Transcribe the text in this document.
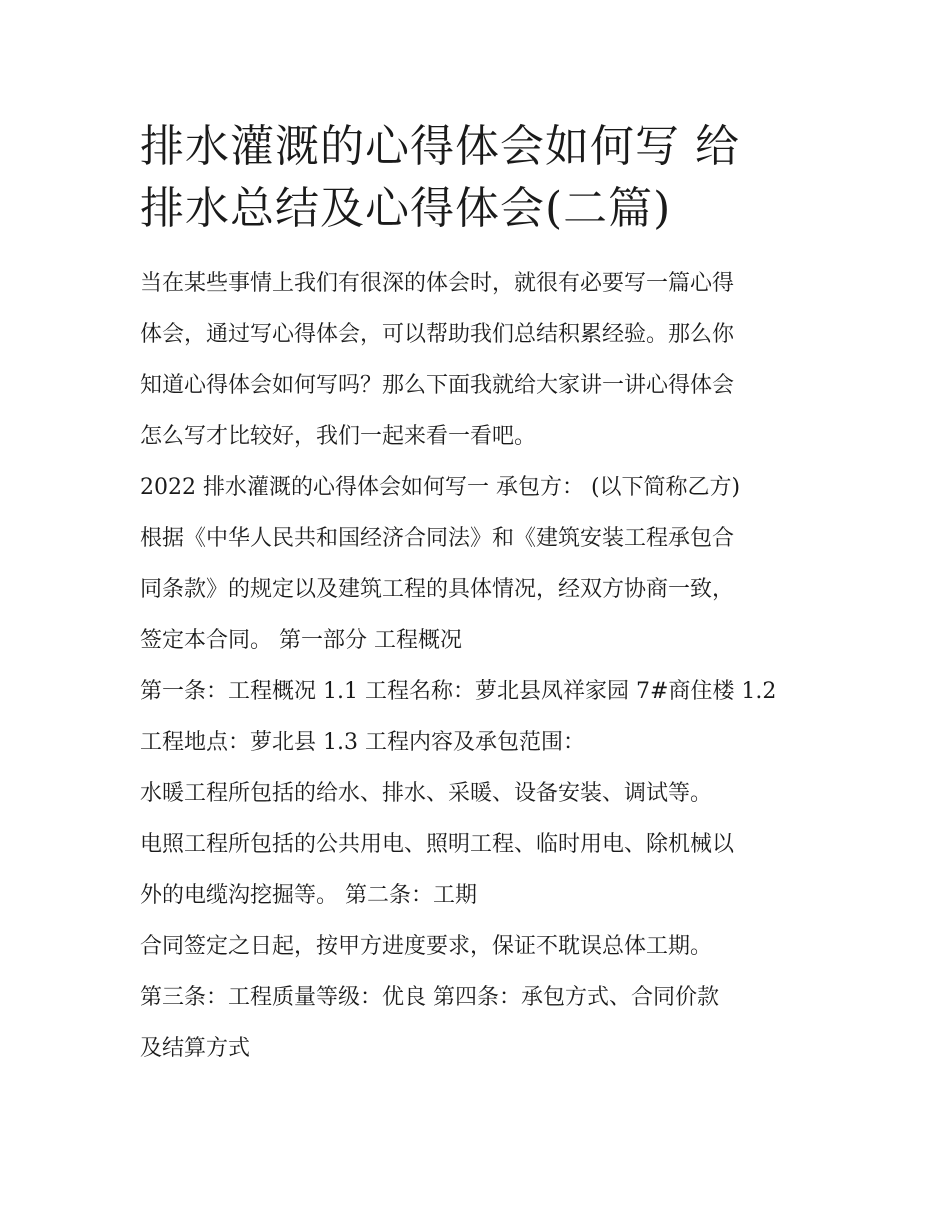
排水灌溉的心得体会如何写 给
排水总结及心得体会(二篇)
当在某些事情上我们有很深的体会时，就很有必要写一篇心得
体会，通过写心得体会，可以帮助我们总结积累经验。那么你
知道心得体会如何写吗？那么下面我就给大家讲一讲心得体会
怎么写才比较好，我们一起来看一看吧。
2022 排水灌溉的心得体会如何写一 承包方： (以下简称乙方)
根据《中华人民共和国经济合同法》和《建筑安装工程承包合
同条款》的规定以及建筑工程的具体情况，经双方协商一致，
签定本合同。 第一部分 工程概况
第一条：工程概况 1.1 工程名称：萝北县凤祥家园 7#商住楼 1.2
工程地点：萝北县 1.3 工程内容及承包范围：
水暖工程所包括的给水、排水、采暖、设备安装、调试等。
电照工程所包括的公共用电、照明工程、临时用电、除机械以
外的电缆沟挖掘等。 第二条：工期
合同签定之日起，按甲方进度要求，保证不耽误总体工期。
第三条：工程质量等级：优良 第四条：承包方式、合同价款
及结算方式
